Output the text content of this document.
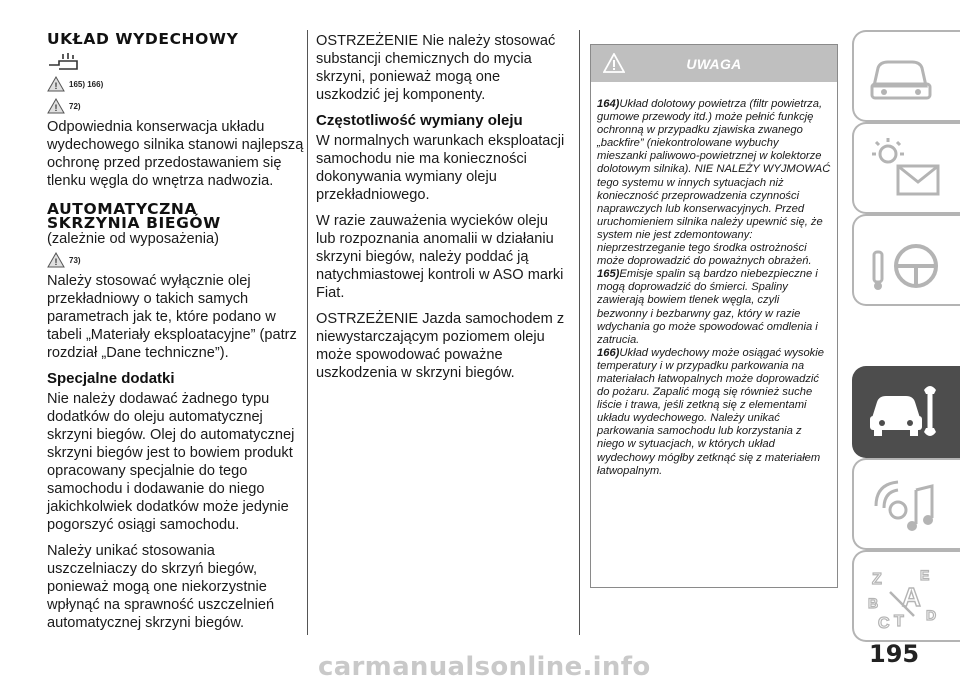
UKŁAD WYDECHOWY
! 165) 166)
! 72)

Odpowiednia konserwacja układu wydechowego silnika stanowi najlepszą ochronę przed przedostawaniem się tlenku węgla do wnętrza nadwozia.

AUTOMATYCZNA
SKRZYNIA BIEGÓW
(zależnie od wyposażenia)
! 73)

Należy stosować wyłącznie olej przekładniowy o takich samych parametrach jak te, które podano w tabeli „Materiały eksploatacyjne” (patrz rozdział „Dane techniczne”).

Specjalne dodatki

Nie należy dodawać żadnego typu dodatków do oleju automatycznej skrzyni biegów. Olej do automatycznej skrzyni biegów jest to bowiem produkt opracowany specjalnie do tego samochodu i dodawanie do niego jakichkolwiek dodatków może jedynie pogorszyć osiągi samochodu.

Należy unikać stosowania uszczelniaczy do skrzyń biegów, ponieważ mogą one niekorzystnie wpłynąć na sprawność uszczelnień automatycznej skrzyni biegów.

OSTRZEŻENIE Nie należy stosować substancji chemicznych do mycia skrzyni, ponieważ mogą one uszkodzić jej komponenty.

Częstotliwość wymiany oleju

W normalnych warunkach eksploatacji samochodu nie ma konieczności dokonywania wymiany oleju przekładniowego.

W razie zauważenia wycieków oleju lub rozpoznania anomalii w działaniu skrzyni biegów, należy poddać ją natychmiastowej kontroli w ASO marki Fiat.

OSTRZEŻENIE Jazda samochodem z niewystarczającym poziomem oleju może spowodować poważne uszkodzenia w skrzyni biegów.

UWAGA
164)Układ dolotowy powietrza (filtr powietrza, gumowe przewody itd.) może pełnić funkcję ochronną w przypadku zjawiska zwanego „backfire” (niekontrolowane wybuchy mieszanki paliwowo-powietrznej w kolektorze dolotowym silnika). NIE NALEŻY WYJMOWAĆ tego systemu w innych sytuacjach niż konieczność przeprowadzenia czynności naprawczych lub konserwacyjnych. Przed uruchomieniem silnika należy upewnić się, że system nie jest zdemontowany: nieprzestrzeganie tego środka ostrożności może doprowadzić do poważnych obrażeń.
165)Emisje spalin są bardzo niebezpieczne i mogą doprowadzić do śmierci. Spaliny zawierają bowiem tlenek węgla, czyli bezwonny i bezbarwny gaz, który w razie wdychania go może spowodować omdlenia i zatrucia.
166)Układ wydechowy może osiągać wysokie temperatury i w przypadku parkowania na materiałach łatwopalnych może doprowadzić do pożaru. Zapalić mogą się również suche liście i trawa, jeśli zetkną się z elementami układu wydechowego. Należy unikać parkowania samochodu lub korzystania z niego w sytuacjach, w których układ wydechowy mógłby zetknąć się z materiałem łatwopalnym.
Z	E
B A
C T D
195
carmanualsonline.info
